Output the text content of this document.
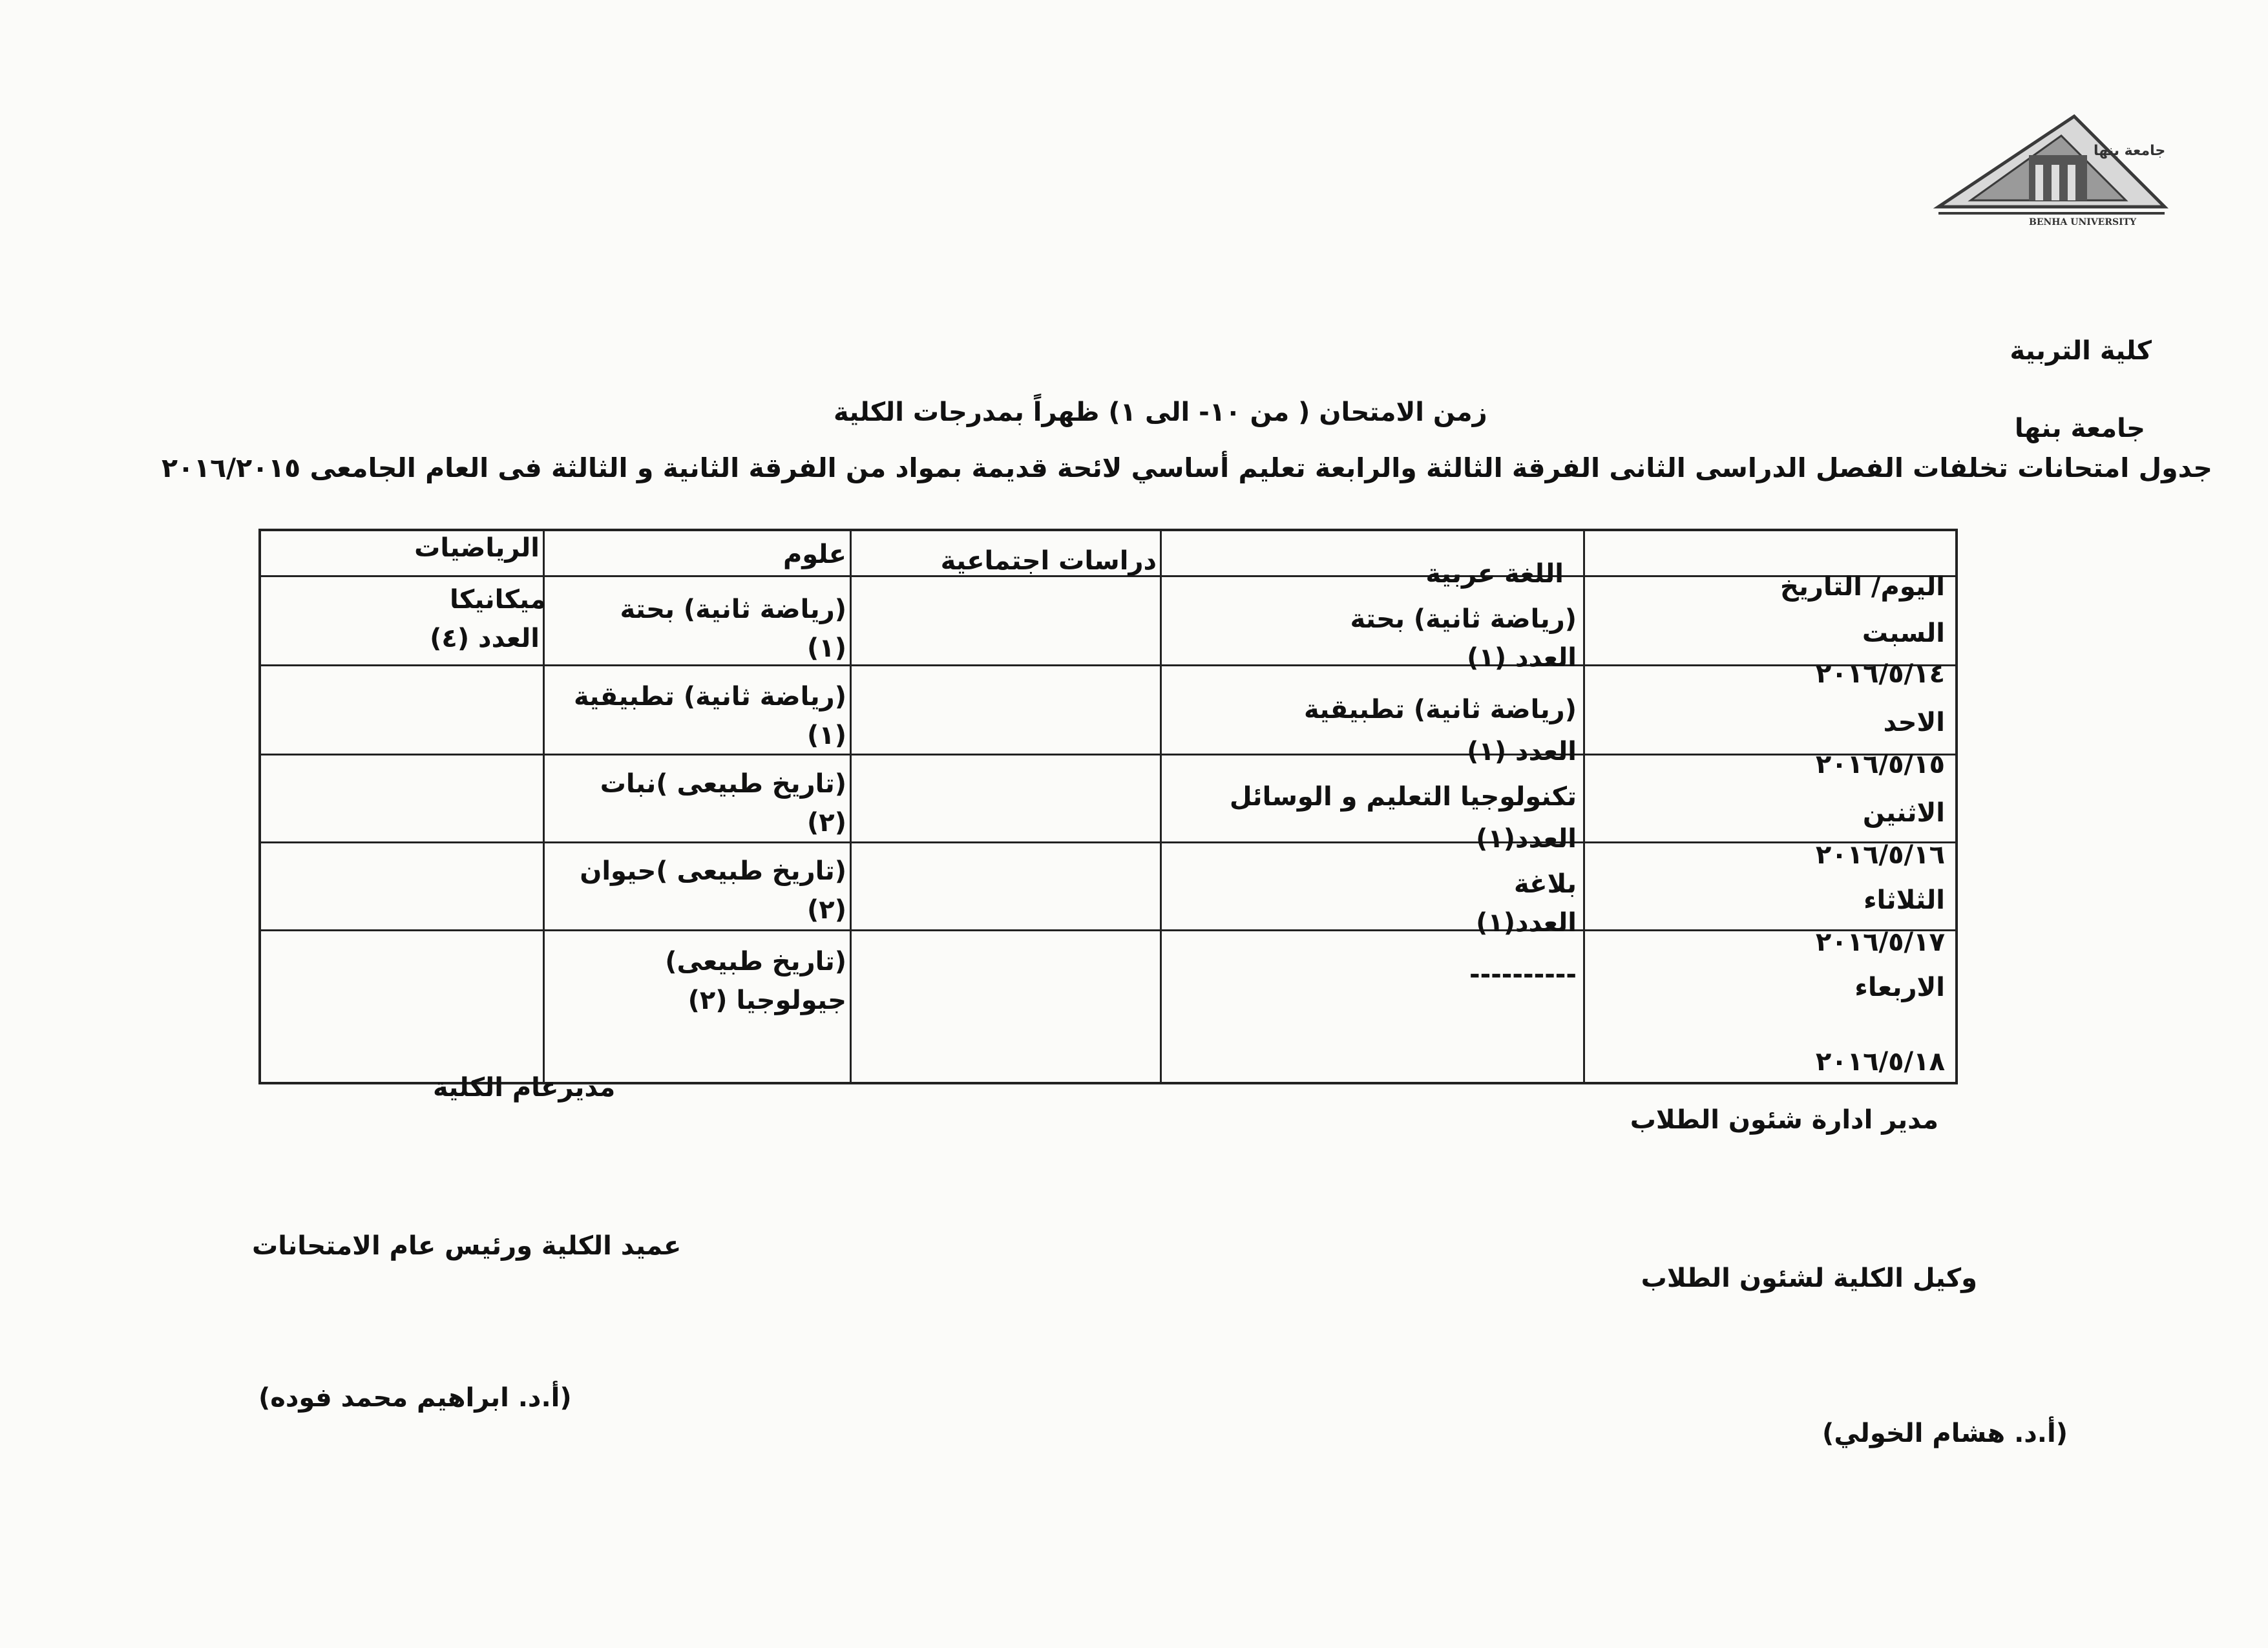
جامعة بنها
BENHA UNIVERSITY
كلية التربية
جامعة بنها
زمن الامتحان ( من ١٠- الى ١) ظهراً بمدرجات الكلية
جدول امتحانات تخلفات الفصل الدراسى الثانى الفرقة الثالثة والرابعة تعليم أساسي لائحة قديمة بمواد من الفرقة الثانية و الثالثة فى العام الجامعى ٢٠١٦/٢٠١٥
اليوم/ التاريخ
اللغة عربية
دراسات اجتماعية
علوم
الرياضيات
السبت
٢٠١٦/٥/١٤
(رياضة ثانية) بحتة
العدد (١)
(رياضة ثانية) بحتة
(١)
ميكانيكا
العدد (٤)
الاحد
٢٠١٦/٥/١٥
(رياضة ثانية) تطبيقية
العدد (١)
(رياضة ثانية) تطبيقية
(١)
الاثنين
٢٠١٦/٥/١٦
تكنولوجيا التعليم و الوسائل
العدد(١)
(تاريخ طبيعى )نبات
(٢)
الثلاثاء
٢٠١٦/٥/١٧
بلاغة
العدد(١)
(تاريخ طبيعى )حيوان
(٢)
الاربعاء
٢٠١٦/٥/١٨
----------
(تاريخ طبيعى)
جيولوجيا (٢)
مديرعام الكلية
مدير ادارة شئون الطلاب
عميد الكلية ورئيس عام الامتحانات
وكيل الكلية لشئون الطلاب
(أ.د. ابراهيم محمد فوده)
(أ.د. هشام الخولي)
